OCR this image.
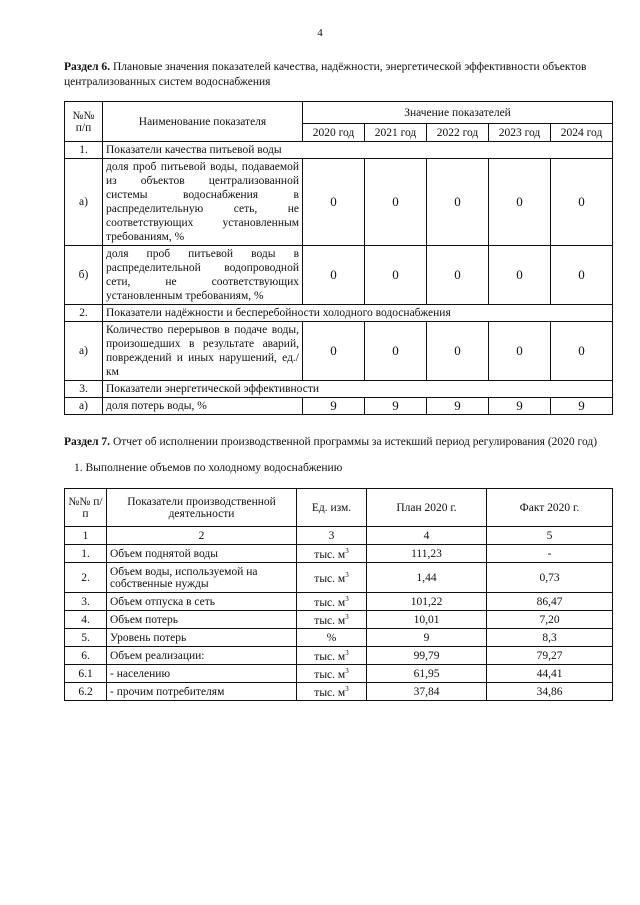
4
Раздел 6. Плановые значения показателей качества, надёжности, энергетической эффективности объектов централизованных систем водоснабжения
№№ п/п	Наименование показателя	Значение показателей				
		2020 год	2021 год	2022 год	2023 год	2024 год
1.	Показатели качества питьевой воды					
а)	доля проб питьевой воды, подаваемой из объектов централизованной системы водоснабжения в распределительную сеть, не соответствующих установленным требованиям, %	0	0	0	0	0
б)	доля проб питьевой воды в распределительной водопроводной сети, не соответствующих установленным требованиям, %	0	0	0	0	0
2.	Показатели надёжности и бесперебойности холодного водоснабжения					
а)	Количество перерывов в подаче воды, произошедших в результате аварий, повреждений и иных нарушений, ед./км	0	0	0	0	0
3.	Показатели энергетической эффективности					
а)	доля потерь воды, %	9	9	9	9	9
Раздел 7. Отчет об исполнении производственной программы за истекший период регулирования (2020 год)
1. Выполнение объемов по холодному водоснабжению
№№ п/п	Показатели производственной деятельности	Ед. изм.	План 2020 г.	Факт 2020 г.
1	2	3	4	5
1.	Объем поднятой воды	тыс. $м^3$	111,23	-
2.	Объем воды, используемой на собственные нужды	тыс. $м^3$	1,44	0,73
3.	Объем отпуска в сеть	тыс. $м^3$	101,22	86,47
4.	Объем потерь	тыс. $м^3$	10,01	7,20
5.	Уровень потерь	%	9	8,3
6.	Объем реализации:	тыс. $м^3$	99,79	79,27
6.1	- населению	тыс. $м^3$	61,95	44,41
6.2	- прочим потребителям	тыс. $м^3$	37,84	34,86
